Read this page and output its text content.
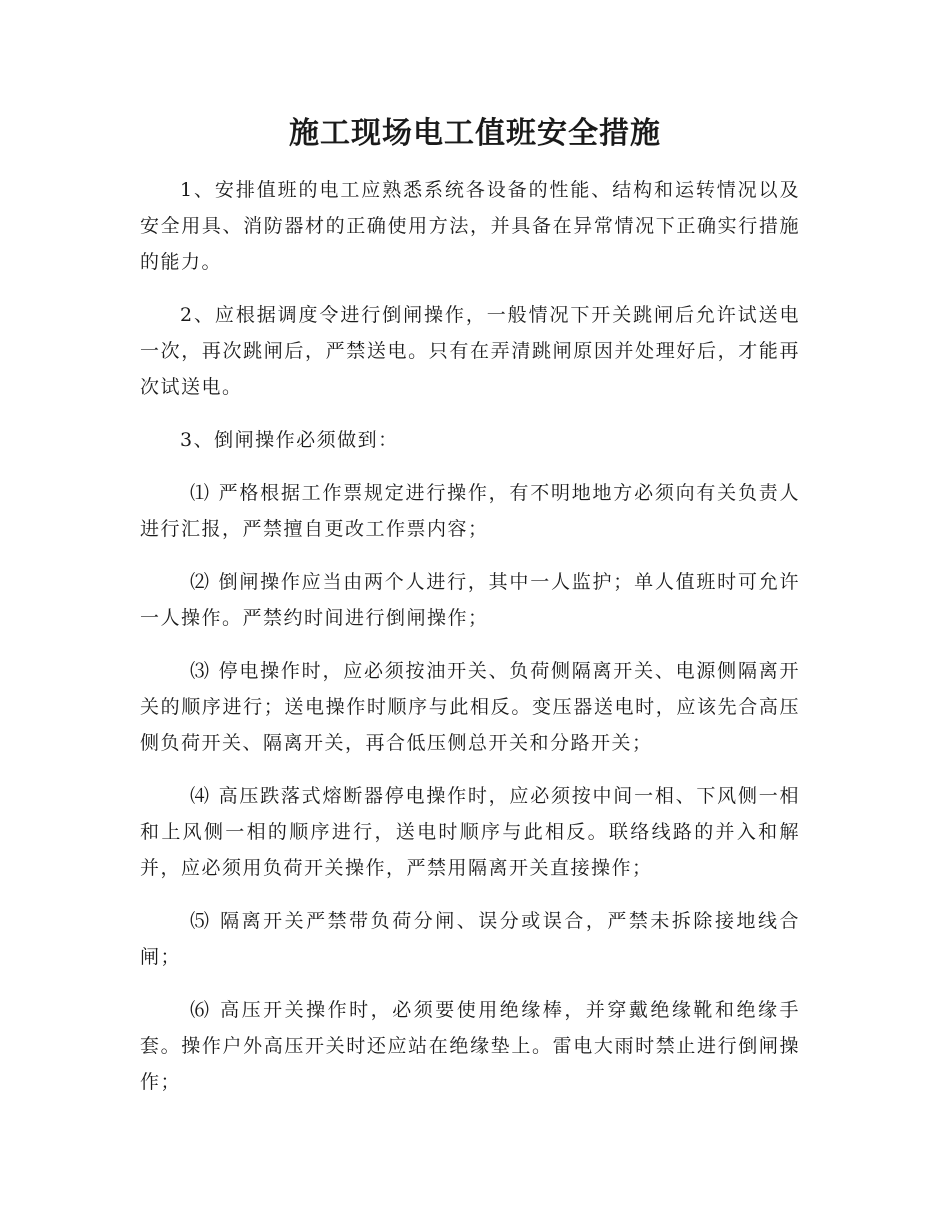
施工现场电工值班安全措施

1、安排值班的电工应熟悉系统各设备的性能、结构和运转情况以及安全用具、消防器材的正确使用方法，并具备在异常情况下正确实行措施的能力。

2、应根据调度令进行倒闸操作，一般情况下开关跳闸后允许试送电一次，再次跳闸后，严禁送电。只有在弄清跳闸原因并处理好后，才能再次试送电。

3、倒闸操作必须做到：

⑴ 严格根据工作票规定进行操作，有不明地地方必须向有关负责人进行汇报，严禁擅自更改工作票内容；

⑵ 倒闸操作应当由两个人进行，其中一人监护；单人值班时可允许一人操作。严禁约时间进行倒闸操作；

⑶ 停电操作时，应必须按油开关、负荷侧隔离开关、电源侧隔离开关的顺序进行；送电操作时顺序与此相反。变压器送电时，应该先合高压侧负荷开关、隔离开关，再合低压侧总开关和分路开关；

⑷ 高压跌落式熔断器停电操作时，应必须按中间一相、下风侧一相和上风侧一相的顺序进行，送电时顺序与此相反。联络线路的并入和解并，应必须用负荷开关操作，严禁用隔离开关直接操作；

⑸ 隔离开关严禁带负荷分闸、误分或误合，严禁未拆除接地线合闸；

⑹ 高压开关操作时，必须要使用绝缘棒，并穿戴绝缘靴和绝缘手套。操作户外高压开关时还应站在绝缘垫上。雷电大雨时禁止进行倒闸操作；
